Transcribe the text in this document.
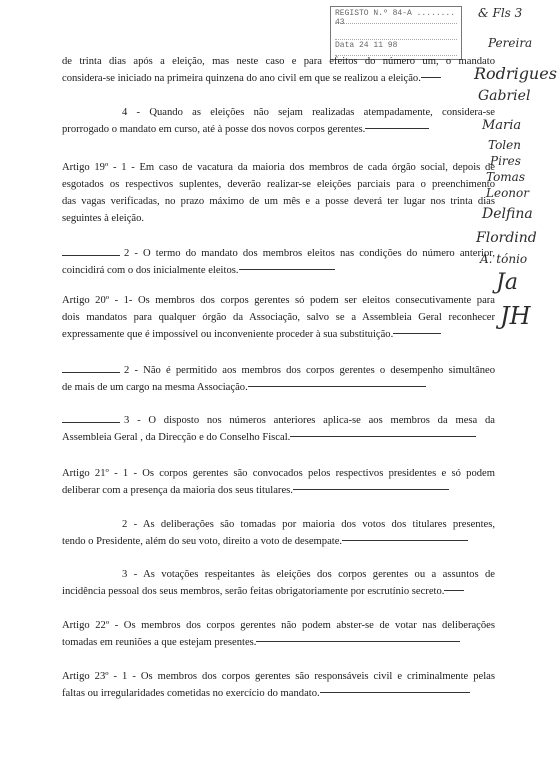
REGISTO N.º 84-A ........ 43
Data 24 11 98
& Fls 3
Pereira
Rodrigues
Gabriel
Maria
Tolen
Pires
Tomas
Leonor
Delfina
Flordind
A. tónio
Ja
JH
de trinta dias após a eleição, mas neste caso e para efeitos do número um, o mandato
considera-se iniciado na primeira quinzena do ano civil em que se realizou a eleição.
4 - Quando as eleições não sejam realizadas atempadamente, considera-se
prorrogado o mandato em curso, até à posse dos novos corpos gerentes.
Artigo 19º - 1 - Em caso de vacatura da maioria dos membros de cada órgão social, depois de
esgotados os respectivos suplentes, deverão realizar-se eleições parciais para o preenchimento
das vagas verificadas, no prazo máximo de um mês e a posse deverá ter lugar nos trinta dias
seguintes à eleição.
2 - O termo do mandato dos membros eleitos nas condições do número anterior,
coincidirá com o dos inicialmente eleitos.
Artigo 20º - 1- Os membros dos corpos gerentes só podem ser eleitos consecutivamente para
dois mandatos para qualquer órgão da Associação, salvo se a Assembleia Geral reconhecer
expressamente que é impossível ou inconveniente proceder à sua substituição.
2 - Não é permitido aos membros dos corpos gerentes o desempenho simultâneo
de mais de um cargo na mesma Associação.
3 - O disposto nos números anteriores aplica-se aos membros da mesa da
Assembleia Geral , da Direcção e do Conselho Fiscal.
Artigo 21º - 1 - Os corpos gerentes são convocados pelos respectivos presidentes e só podem
deliberar com a presença da maioria dos seus titulares.
2 - As deliberações são tomadas por maioria dos votos dos titulares presentes,
tendo o Presidente, além do seu voto, direito a voto de desempate.
3 - As votações respeitantes às eleições dos corpos gerentes ou a assuntos de
incidência pessoal dos seus membros, serão feitas obrigatoriamente por escrutínio secreto.
Artigo 22º - Os membros dos corpos gerentes não podem abster-se de votar nas deliberações
tomadas em reuniões a que estejam presentes.
Artigo 23º - 1 - Os membros dos corpos gerentes são responsáveis civil e criminalmente pelas
faltas ou irregularidades cometidas no exercício do mandato.
